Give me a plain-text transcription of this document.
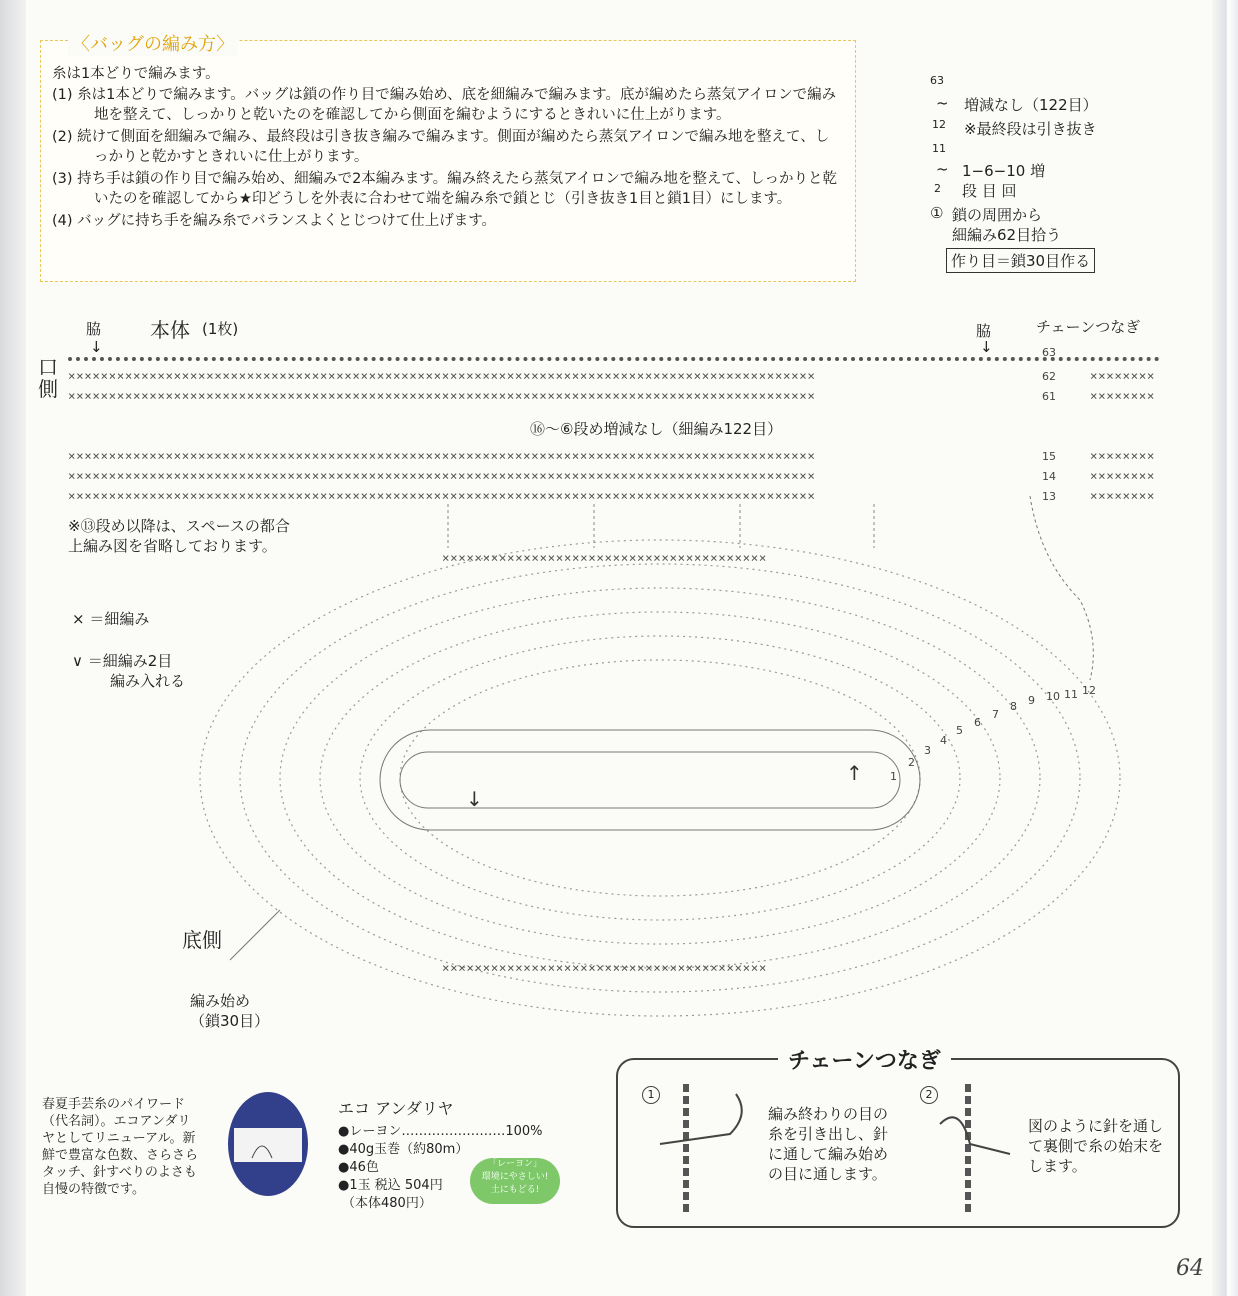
〈バッグの編み方〉

糸は1本どりで編みます。

(1) 糸は1本どりで編みます。バッグは鎖の作り目で編み始め、底を細編みで編みます。底が編めたら蒸気アイロンで編み地を整えて、しっかりと乾いたのを確認してから側面を編むようにするときれいに仕上がります。

(2) 続けて側面を細編みで編み、最終段は引き抜き編みで編みます。側面が編めたら蒸気アイロンで編み地を整えて、しっかりと乾かすときれいに仕上がります。

(3) 持ち手は鎖の作り目で編み始め、細編みで2本編みます。編み終えたら蒸気アイロンで編み地を整えて、しっかりと乾いたのを確認してから★印どうしを外表に合わせて端を編み糸で鎖とじ（引き抜き1目と鎖1目）にします。

(4) バッグに持ち手を編み糸でバランスよくとじつけて仕上げます。

63
~
12
増減なし（122目）
※最終段は引き抜き
11
~
2
1−6−10 増
段 目 回
① 鎖の周囲から
細編み62目拾う
作り目＝鎖30目作る
脇
↓
本体 (1枚)	脇
↓
チェーンつなぎ
口側
××××××××××××××××××××××××××××××××××××××××××××××××××××××××××××××××××××××××××××××××××××××××××××
××××××××××××××××××××××××××××××××××××××××××××××××××××××××××××××××××××××××××××××××××××××××××××
××××××××
××××××××
63
62
61
⑯～⑥段め増減なし（細編み122目）
××××××××××××××××××××××××××××××××××××××××××××××××××××××××××××××××××××××××××××××××××××××××××××
××××××××××××××××××××××××××××××××××××××××××××××××××××××××××××××××××××××××××××××××××××××××××××
××××××××××××××××××××××××××××××××××××××××××××××××××××××××××××××××××××××××××××××××××××××××××××
××××××××
××××××××
××××××××
15
14
13
※⑬段め以降は、スペースの都合上編み図を省略しております。
↓
↑
××××××××××××××××××××××××××××××××××××××××
××××××××××××××××××××××××××××××××××××××××
1
2
3
4
5
6
7
8 9 10 11 12
× ＝細編み
∨ ＝細編み2目
編み入れる
底側
編み始め
（鎖30目）
春夏手芸糸のパイワード（代名詞）。エコアンダリヤとしてリニューアル。新鮮で豊富な色数、さらさらタッチ、針すべりのよさも自慢の特徴です。
エコ アンダリヤ
●レーヨン……………………100%
●40g玉巻（約80m）
●46色
●1玉 税込 504円
（本体480円）
「レーヨン」
環境にやさしい!
土にもどる!
チェーンつなぎ
1
編み終わりの目の糸を引き出し、針に通して編み始めの目に通します。
2
図のように針を通して裏側で糸の始末をします。
64
